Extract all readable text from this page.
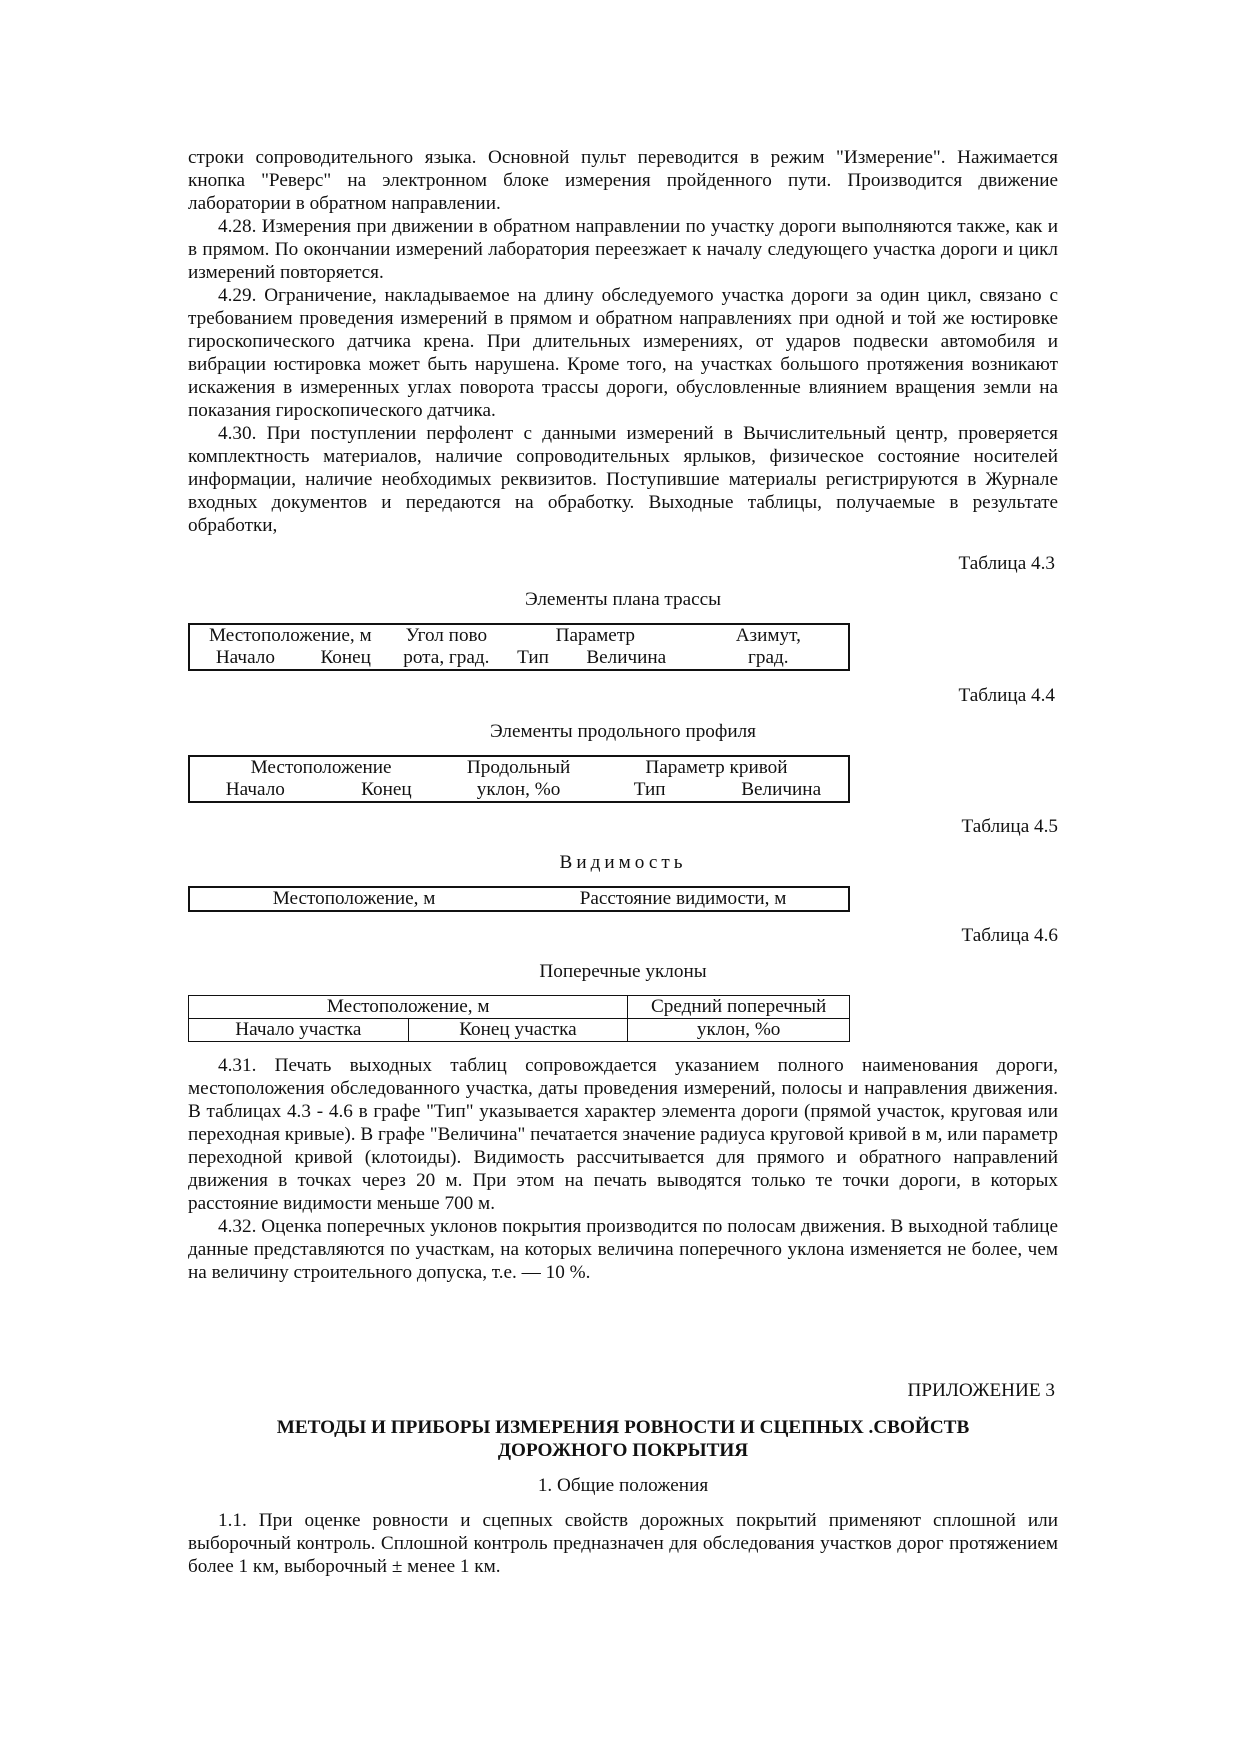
строки сопроводительного языка. Основной пульт переводится в режим "Измерение". Нажимается кнопка "Реверс" на электронном блоке измерения пройденного пути. Производится движение лаборатории в обратном направлении.

4.28. Измерения при движении в обратном направлении по участку дороги выполняются также, как и в прямом. По окончании измерений лаборатория переезжает к началу следующего участка дороги и цикл измерений повторяется.

4.29. Ограничение, накладываемое на длину обследуемого участка дороги за один цикл, связано с требованием проведения измерений в прямом и обратном направлениях при одной и той же юстировке гироскопического датчика крена. При длительных измерениях, от ударов подвески автомобиля и вибрации юстировка может быть нарушена. Кроме того, на участках большого протяжения возникают искажения в измеренных углах поворота трассы дороги, обусловленные влиянием вращения земли на показания гироскопического датчика.

4.30. При поступлении перфолент с данными измерений в Вычислительный центр, проверяется комплектность материалов, наличие сопроводительных ярлыков, физическое состояние носителей информации, наличие необходимых реквизитов. Поступившие материалы регистрируются в Журнале входных документов и передаются на обработку. Выходные таблицы, получаемые в результате обработки,

Таблица 4.3
Элементы плана трассы
Местоположение, м		Угол пово	Параметр		Азимут,
Начало	Конец	рота, град.	Тип	Величина	град.
Таблица 4.4
Элементы продольного профиля
Местоположение		Продольный	Параметр кривой	
Начало	Конец	уклон, %о	Тип	Величина
Таблица 4.5
Видимость
Местоположение, м	Расстояние видимости, м
Таблица 4.6
Поперечные уклоны
Местоположение, м		Средний поперечный
Начало участка	Конец участка	уклон, %о

4.31. Печать выходных таблиц сопровождается указанием полного наименования дороги, местоположения обследованного участка, даты проведения измерений, полосы и направления движения. В таблицах 4.3 - 4.6 в графе "Тип" указывается характер элемента дороги (прямой участок, круговая или переходная кривые). В графе "Величина" печатается значение радиуса круговой кривой в м, или параметр переходной кривой (клотоиды). Видимость рассчитывается для прямого и обратного направлений движения в точках через 20 м. При этом на печать выводятся только те точки дороги, в которых расстояние видимости меньше 700 м.

4.32. Оценка поперечных уклонов покрытия производится по полосам движения. В выходной таблице данные представляются по участкам, на которых величина поперечного уклона изменяется не более, чем на величину строительного допуска, т.е. — 10 %.

ПРИЛОЖЕНИЕ 3
МЕТОДЫ И ПРИБОРЫ ИЗМЕРЕНИЯ РОВНОСТИ И СЦЕПНЫХ .СВОЙСТВ
ДОРОЖНОГО ПОКРЫТИЯ
1. Общие положения

1.1. При оценке ровности и сцепных свойств дорожных покрытий применяют сплошной или выборочный контроль. Сплошной контроль предназначен для обследования участков дорог протяжением более 1 км, выборочный ± менее 1 км.
